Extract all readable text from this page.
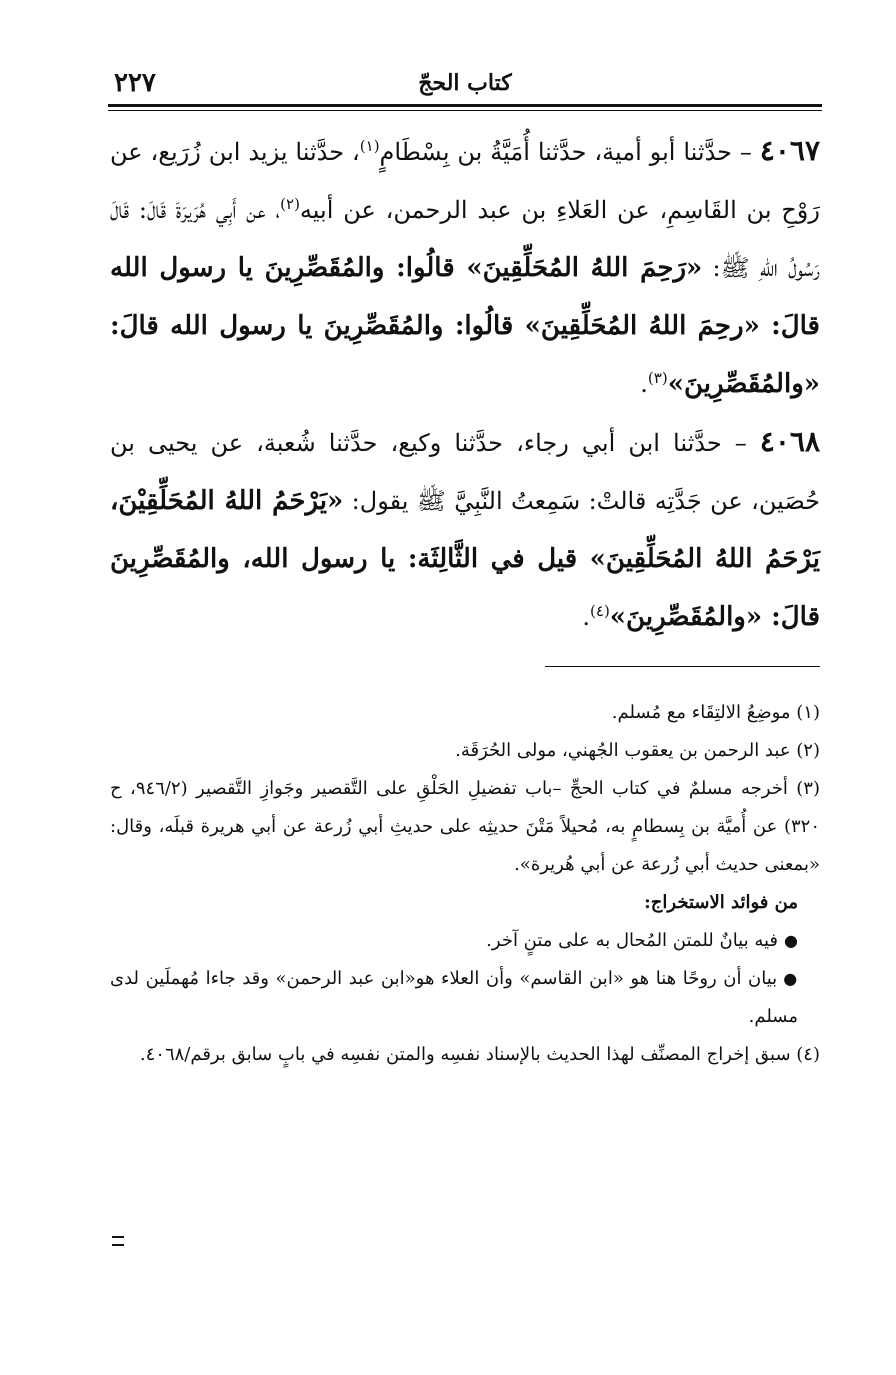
كتاب الحجّ
٢٢٧

٤٠٦٧ – حدَّثنا أبو أمية، حدَّثنا أُمَيَّةُ بن بِسْطَامٍ$^{(١)}$، حدَّثنا يزيد ابن زُرَيع، عن رَوْحِ بن القَاسِمِ، عن العَلاءِ بن عبد الرحمن، عن أبيه$^{(٢)}$، عن أَبِي هُرَيرَةَ قَالَ: قَالَ رَسُولُ اللهِ ﷺ: «رَحِمَ اللهُ المُحَلِّقِينَ» قالُوا: والمُقَصِّرِينَ يا رسول الله قالَ: «رحِمَ اللهُ المُحَلِّقِينَ» قالُوا: والمُقَصِّرِينَ يا رسول الله قالَ: «والمُقَصِّرِينَ»$^{(٣)}$.

٤٠٦٨ – حدَّثنا ابن أبي رجاء، حدَّثنا وكيع، حدَّثنا شُعبة، عن يحيى بن حُصَين، عن جَدَّتِه قالتْ: سَمِعتُ النَّبِيَّ ﷺ يقول: «يَرْحَمُ اللهُ المُحَلِّقِيْنَ، يَرْحَمُ اللهُ المُحَلِّقِينَ» قيل في الثَّالِثَة: يا رسول الله، والمُقَصِّرِينَ قالَ: «والمُقَصِّرِينَ»$^{(٤)}$.

(١) موضِعُ الالتِقَاء مع مُسلم.

(٢) عبد الرحمن بن يعقوب الجُهني، مولى الحُرَقَة.

(٣) أخرجه مسلمٌ في كتاب الحجِّ –باب تفضيلِ الحَلْقِ على التَّقصير وجَوازِ التَّقصير (٩٤٦/٢، ح ٣٢٠) عن أُميَّة بن بِسطامٍ به، مُحيلاً مَتْنَ حديثِه على حديثِ أبي زُرعة عن أبي هريرة قبلَه، وقال: «بمعنى حديث أبي زُرعة عن أبي هُريرة».

من فوائد الاستخراج:

●فيه بيانٌ للمتن المُحال به على متنٍ آخر.

●بيان أن روحًا هنا هو «ابن القاسم» وأن العلاء هو«ابن عبد الرحمن» وقد جاءا مُهملَين لدى مسلم.

(٤) سبق إخراج المصنِّف لهذا الحديث بالإسناد نفسِه والمتن نفسِه في بابٍ سابق برقم/٤٠٦٨.
